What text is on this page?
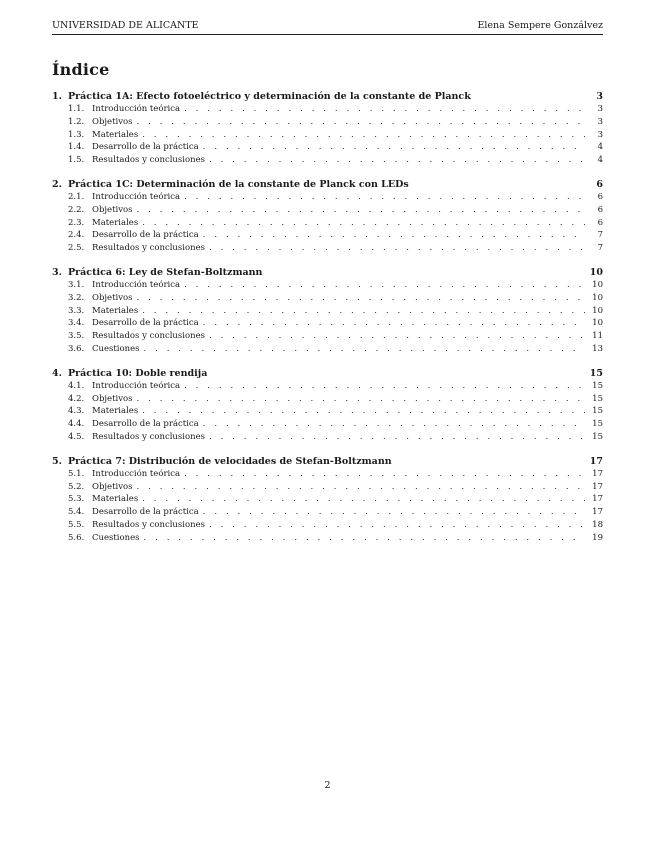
UNIVERSIDAD DE ALICANTE	Elena Sempere Gonzálvez
Índice
1. Práctica 1A: Efecto fotoeléctrico y determinación de la constante de Planck	3
1.1. Introducción teórica . . .	3
1.2. Objetivos . . .	3
1.3. Materiales . . .	3
1.4. Desarrollo de la práctica . . .	4
1.5. Resultados y conclusiones . . .	4
2. Práctica 1C: Determinación de la constante de Planck con LEDs	6
2.1. Introducción teórica . . .	6
2.2. Objetivos . . .	6
2.3. Materiales . . .	6
2.4. Desarrollo de la práctica . . .	7
2.5. Resultados y conclusiones . . .	7
3. Práctica 6: Ley de Stefan-Boltzmann	10
3.1. Introducción teórica . . .	10
3.2. Objetivos . . .	10
3.3. Materiales . . .	10
3.4. Desarrollo de la práctica . . .	10
3.5. Resultados y conclusiones . . .	11
3.6. Cuestiones . . .	13
4. Práctica 10: Doble rendija	15
4.1. Introducción teórica . . .	15
4.2. Objetivos . . .	15
4.3. Materiales . . .	15
4.4. Desarrollo de la práctica . . .	15
4.5. Resultados y conclusiones . . .	15
5. Práctica 7: Distribución de velocidades de Stefan-Boltzmann	17
5.1. Introducción teórica . . .	17
5.2. Objetivos . . .	17
5.3. Materiales . . .	17
5.4. Desarrollo de la práctica . . .	17
5.5. Resultados y conclusiones . . .	18
5.6. Cuestiones . . .	19
2
